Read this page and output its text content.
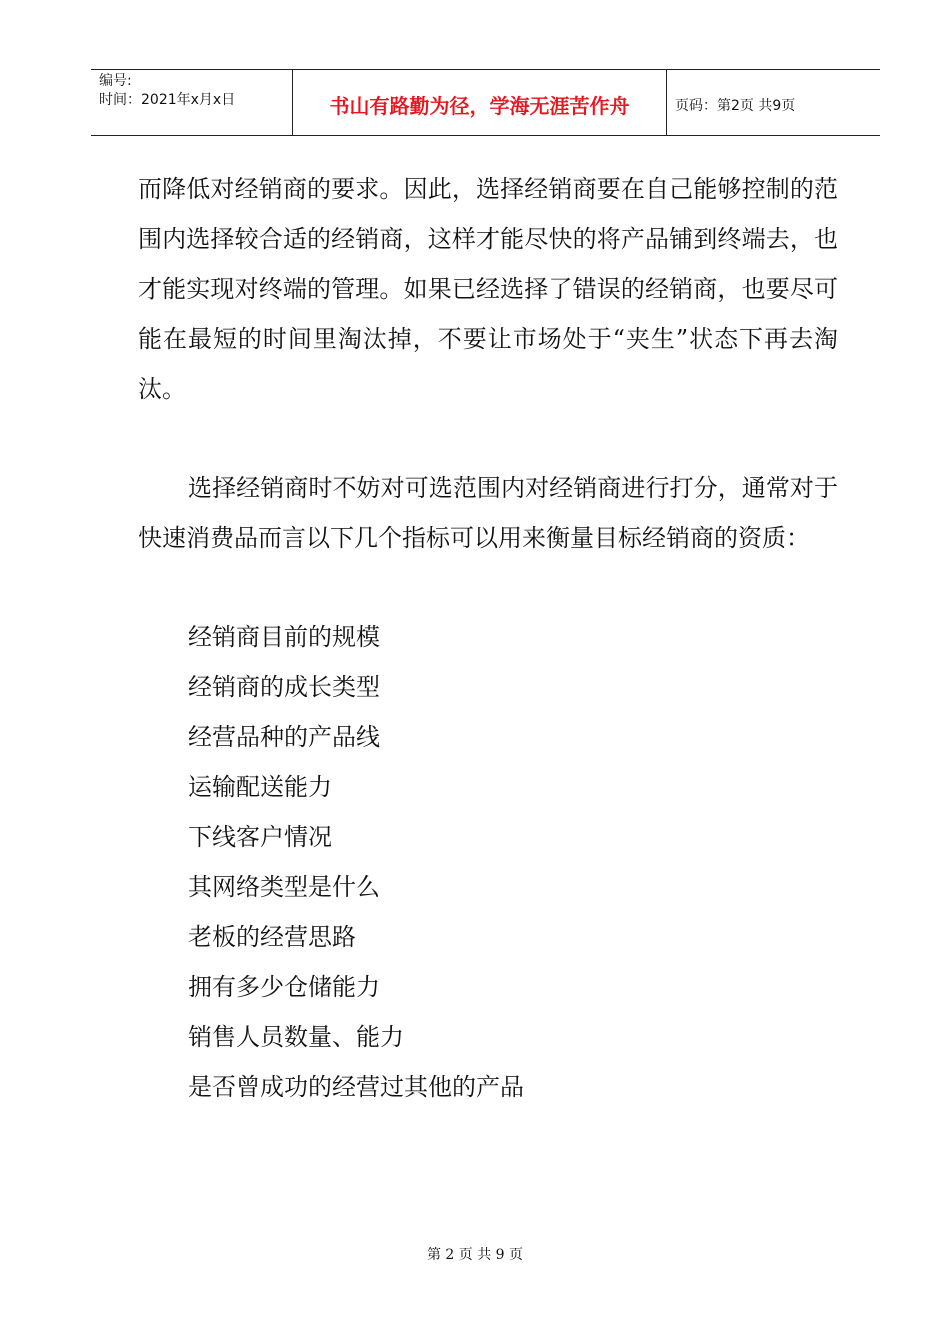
编号:
时间：2021年x月x日	书山有路勤为径，学海无涯苦作舟	页码：第2页 共9页

而降低对经销商的要求。因此，选择经销商要在自己能够控制的范围内选择较合适的经销商，这样才能尽快的将产品铺到终端去，也才能实现对终端的管理。如果已经选择了错误的经销商，也要尽可能在最短的时间里淘汰掉，不要让市场处于“夹生”状态下再去淘汰。

选择经销商时不妨对可选范围内对经销商进行打分，通常对于快速消费品而言以下几个指标可以用来衡量目标经销商的资质：

经销商目前的规模
经销商的成长类型
经营品种的产品线
运输配送能力
下线客户情况
其网络类型是什么
老板的经营思路
拥有多少仓储能力
销售人员数量、能力
是否曾成功的经营过其他的产品
第 2 页 共 9 页
